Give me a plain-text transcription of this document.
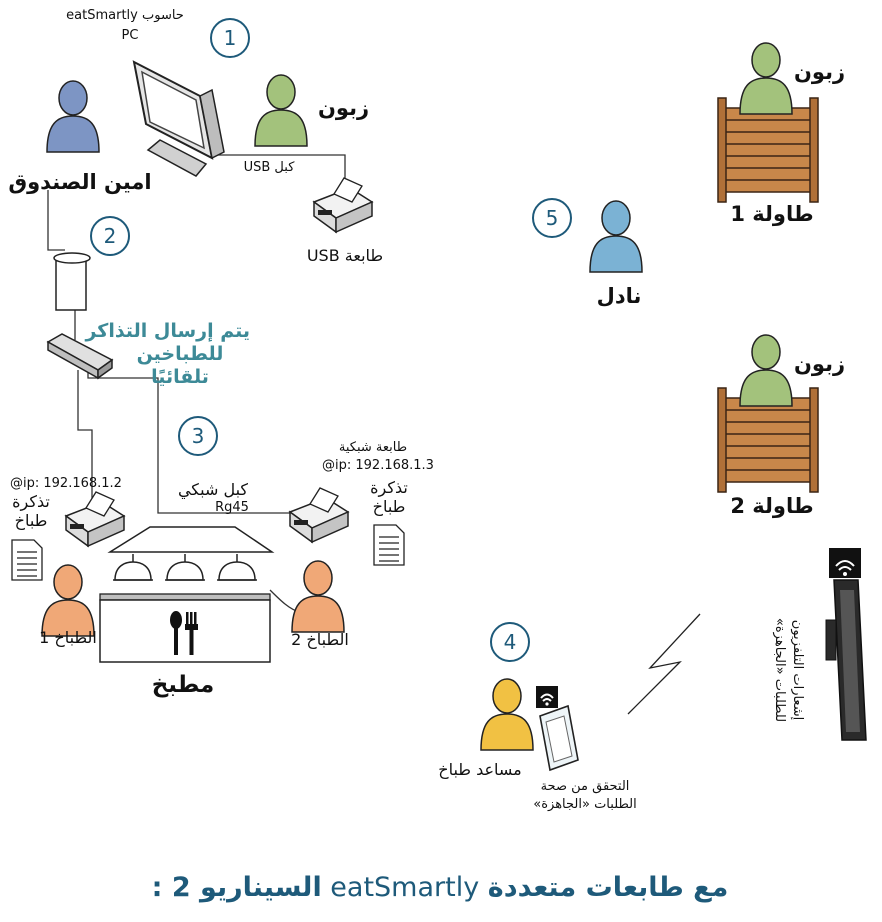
1
2
3
4
5
حاسوب eatSmartly
PC
امين الصندوق
زبون
كبل USB
طابعة USB
يتم إرسال التذاكر
للطباخين
تلقائيًا
@ip: 192.168.1.2
تذكرة
طباخ
كبل شبكي
Rg45
طابعة شبكية
@ip: 192.168.1.3
تذكرة
طباخ
الطباخ 1	الطباخ 2
مطبخ
نادل
زبون
طاولة 1
زبون
طاولة 2
مساعد طباخ
التحقق من صحة
الطلبات «الجاهزة»
إشعارات التلفزيون
للطلبات «الجاهزة»
السيناريو 2 : eatSmartly مع طابعات متعددة
